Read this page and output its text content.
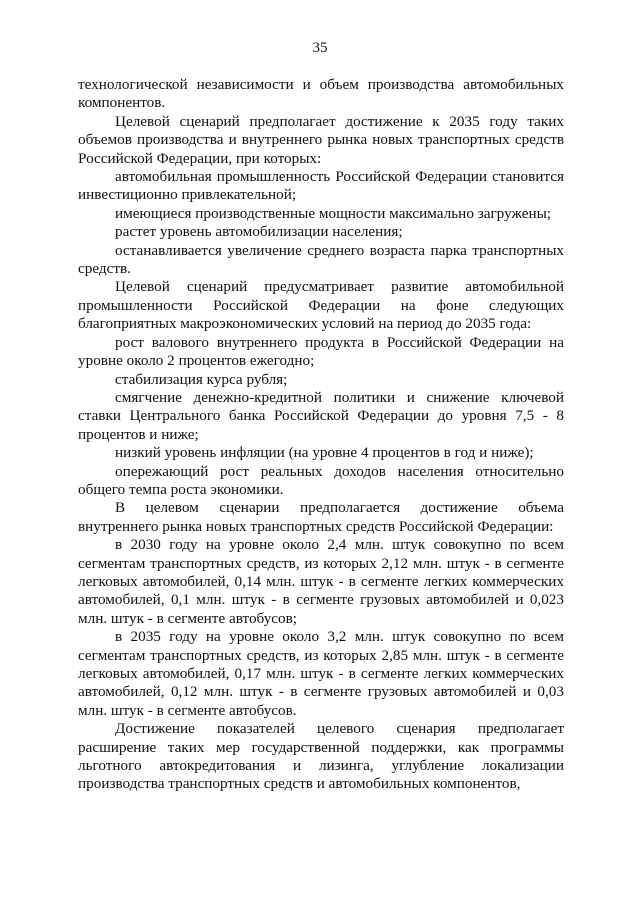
35

технологической независимости и объем производства автомобильных компонентов.

Целевой сценарий предполагает достижение к 2035 году таких объемов производства и внутреннего рынка новых транспортных средств Российской Федерации, при которых:

автомобильная промышленность Российской Федерации становится инвестиционно привлекательной;

имеющиеся производственные мощности максимально загружены;

растет уровень автомобилизации населения;

останавливается увеличение среднего возраста парка транспортных средств.

Целевой сценарий предусматривает развитие автомобильной промышленности Российской Федерации на фоне следующих благоприятных макроэкономических условий на период до 2035 года:

рост валового внутреннего продукта в Российской Федерации на уровне около 2 процентов ежегодно;

стабилизация курса рубля;

смягчение денежно-кредитной политики и снижение ключевой ставки Центрального банка Российской Федерации до уровня 7,5 - 8 процентов и ниже;

низкий уровень инфляции (на уровне 4 процентов в год и ниже);

опережающий рост реальных доходов населения относительно общего темпа роста экономики.

В целевом сценарии предполагается достижение объема внутреннего рынка новых транспортных средств Российской Федерации:

в 2030 году на уровне около 2,4 млн. штук совокупно по всем сегментам транспортных средств, из которых 2,12 млн. штук - в сегменте легковых автомобилей, 0,14 млн. штук - в сегменте легких коммерческих автомобилей, 0,1 млн. штук - в сегменте грузовых автомобилей и 0,023 млн. штук - в сегменте автобусов;

в 2035 году на уровне около 3,2 млн. штук совокупно по всем сегментам транспортных средств, из которых 2,85 млн. штук - в сегменте легковых автомобилей, 0,17 млн. штук - в сегменте легких коммерческих автомобилей, 0,12 млн. штук - в сегменте грузовых автомобилей и 0,03 млн. штук - в сегменте автобусов.

Достижение показателей целевого сценария предполагает расширение таких мер государственной поддержки, как программы льготного автокредитования и лизинга, углубление локализации производства транспортных средств и автомобильных компонентов,
